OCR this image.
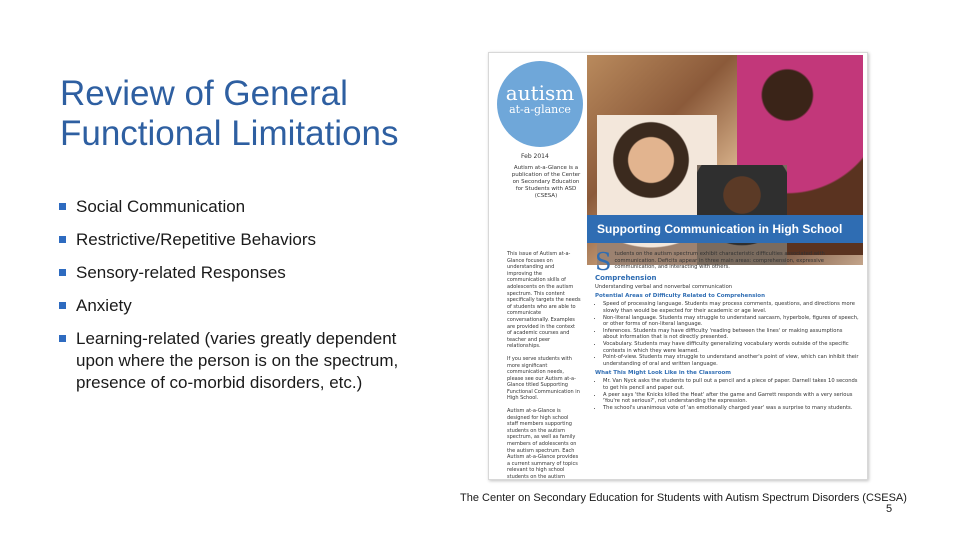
Review of General
Functional Limitations
Social Communication
Restrictive/Repetitive Behaviors
Sensory-related Responses
Anxiety
Learning-related (varies greatly dependent upon where the person is on the spectrum, presence of co-morbid disorders, etc.)
autism
at-a-glance
Feb 2014
Autism at-a-Glance is a publication of the Center on Secondary Education for Students with ASD (CSESA)
Supporting Communication in High School

This issue of Autism at-a-Glance focuses on understanding and improving the communication skills of adolescents on the autism spectrum. This content specifically targets the needs of students who are able to communicate conversationally. Examples are provided in the context of academic courses and teacher and peer relationships.

If you serve students with more significant communication needs, please see our Autism at-a-Glance titled Supporting Functional Communication in High School.

Autism at-a-Glance is designed for high school staff members supporting students on the autism spectrum, as well as family members of adolescents on the autism spectrum. Each Autism at-a-Glance provides a current summary of topics relevant to high school students on the autism

S tudents on the autism spectrum exhibit characteristic difficulties associated with communication. Deficits appear in three main areas: comprehension, expressive communication, and interacting with others.

Comprehension

Understanding verbal and nonverbal communication

Potential Areas of Difficulty Related to Comprehension
• Speed of processing language. Students may process comments, questions, and directions more slowly than would be expected for their academic or age level.
• Non-literal language. Students may struggle to understand sarcasm, hyperbole, figures of speech, or other forms of non-literal language.
• Inferences. Students may have difficulty 'reading between the lines' or making assumptions about information that is not directly presented.
• Vocabulary. Students may have difficulty generalizing vocabulary words outside of the specific contexts in which they were learned.
• Point-of-view. Students may struggle to understand another's point of view, which can inhibit their understanding of oral and written language.
What This Might Look Like in the Classroom
• Mr. Van Nyck asks the students to pull out a pencil and a piece of paper. Darnell takes 10 seconds to get his pencil and paper out.
• A peer says 'the Knicks killed the Heat' after the game and Garrett responds with a very serious 'You're not serious?', not understanding the expression.
• The school's unanimous vote of 'an emotionally charged year' was a surprise to many students.
The Center on Secondary Education for Students with Autism Spectrum Disorders (CSESA)
5
